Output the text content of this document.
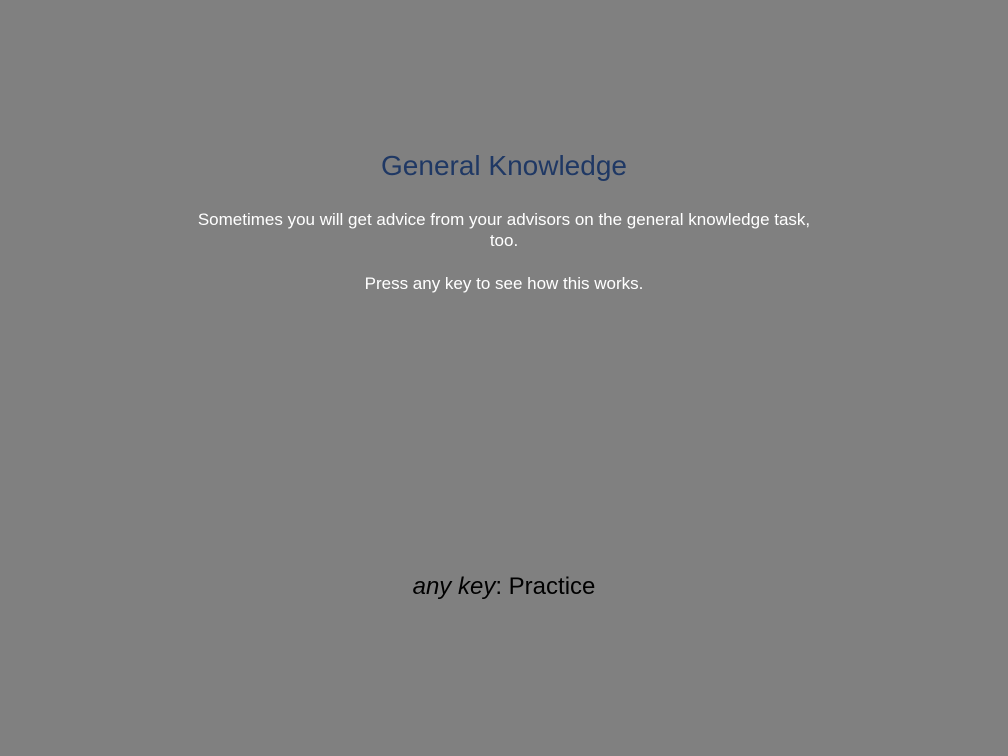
General Knowledge

Sometimes you will get advice from your advisors on the general knowledge task, too.

Press any key to see how this works.

any key: Practice
